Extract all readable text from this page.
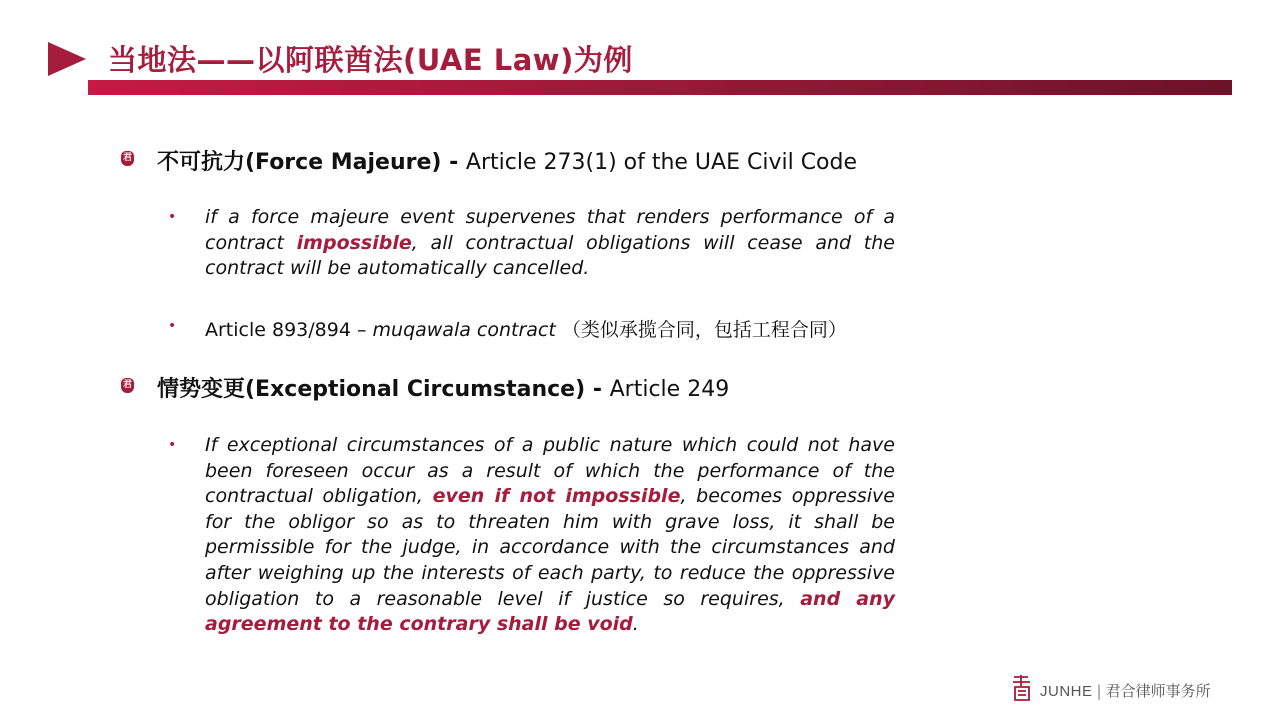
当地法——以阿联酋法(UAE Law)为例
君 不可抗力(Force Majeure) - Article 273(1) of the UAE Civil Code
• if a force majeure event supervenes that renders performance of a contract impossible, all contractual obligations will cease and the contract will be automatically cancelled.
• Article 893/894 – muqawala contract （类似承揽合同，包括工程合同）
君 情势变更(Exceptional Circumstance) - Article 249
• If exceptional circumstances of a public nature which could not have been foreseen occur as a result of which the performance of the contractual obligation, even if not impossible, becomes oppressive for the obligor so as to threaten him with grave loss, it shall be permissible for the judge, in accordance with the circumstances and after weighing up the interests of each party, to reduce the oppressive obligation to a reasonable level if justice so requires, and any agreement to the contrary shall be void.
JUNHE | 君合律师事务所
